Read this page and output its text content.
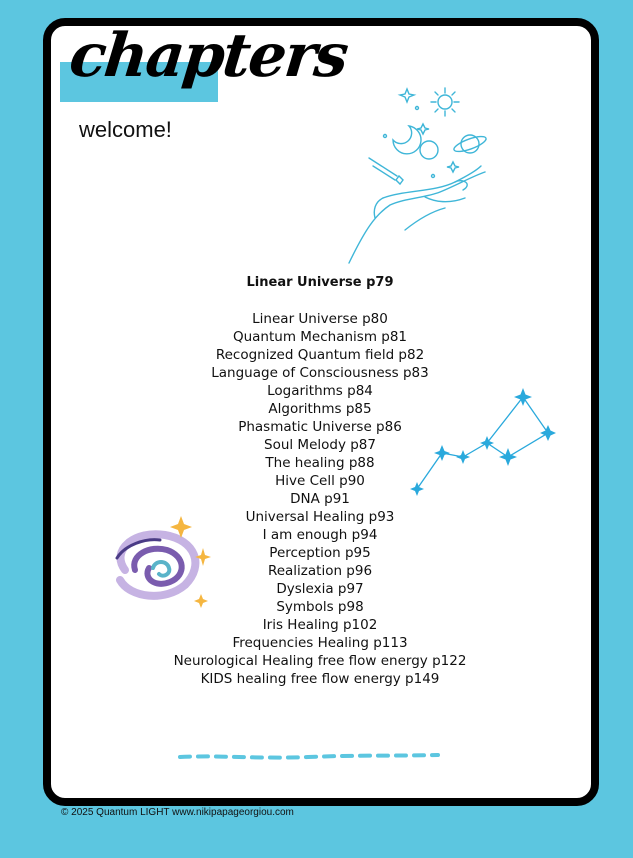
chapters
welcome!
Linear Universe p79
Linear Universe p80
Quantum Mechanism p81
Recognized Quantum field p82
Language of Consciousness p83
Logarithms p84
Algorithms p85
Phasmatic Universe p86
Soul Melody p87
The healing p88
Hive Cell p90
DNA p91
Universal Healing p93
I am enough p94
Perception p95
Realization p96
Dyslexia p97
Symbols p98
Iris Healing p102
Frequencies Healing p113
Neurological Healing free flow energy p122
KIDS healing free flow energy p149
© 2025 Quantum LIGHT www.nikipapageorgiou.com
